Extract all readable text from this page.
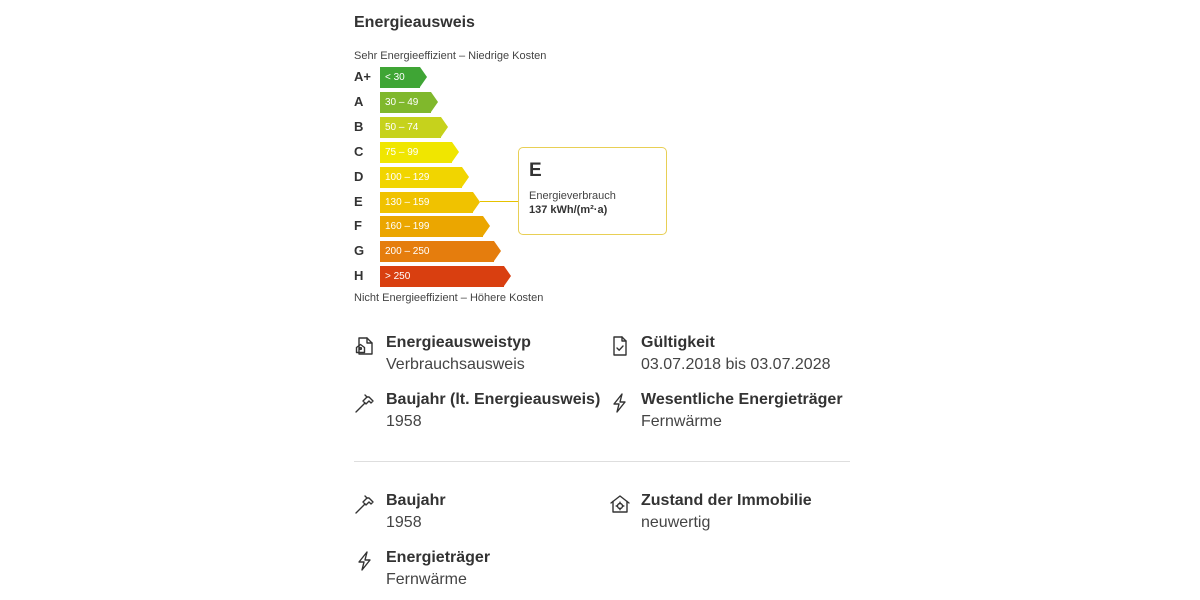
Energieausweis
Sehr Energieeffizient – Niedrige Kosten
A+	< 30
A	30 – 49
B	50 – 74
C	75 – 99
D	100 – 129
E	130 – 159
F	160 – 199
G	200 – 250
H	> 250
E
Energieverbrauch
137 kWh/(m²·a)
Nicht Energieeffizient – Höhere Kosten
Energieausweistyp
Verbrauchsausweis
Gültigkeit
03.07.2018 bis 03.07.2028
Baujahr (lt. Energieausweis)
1958
Wesentliche Energieträger
Fernwärme
Baujahr
1958
Zustand der Immobilie
neuwertig
Energieträger
Fernwärme
